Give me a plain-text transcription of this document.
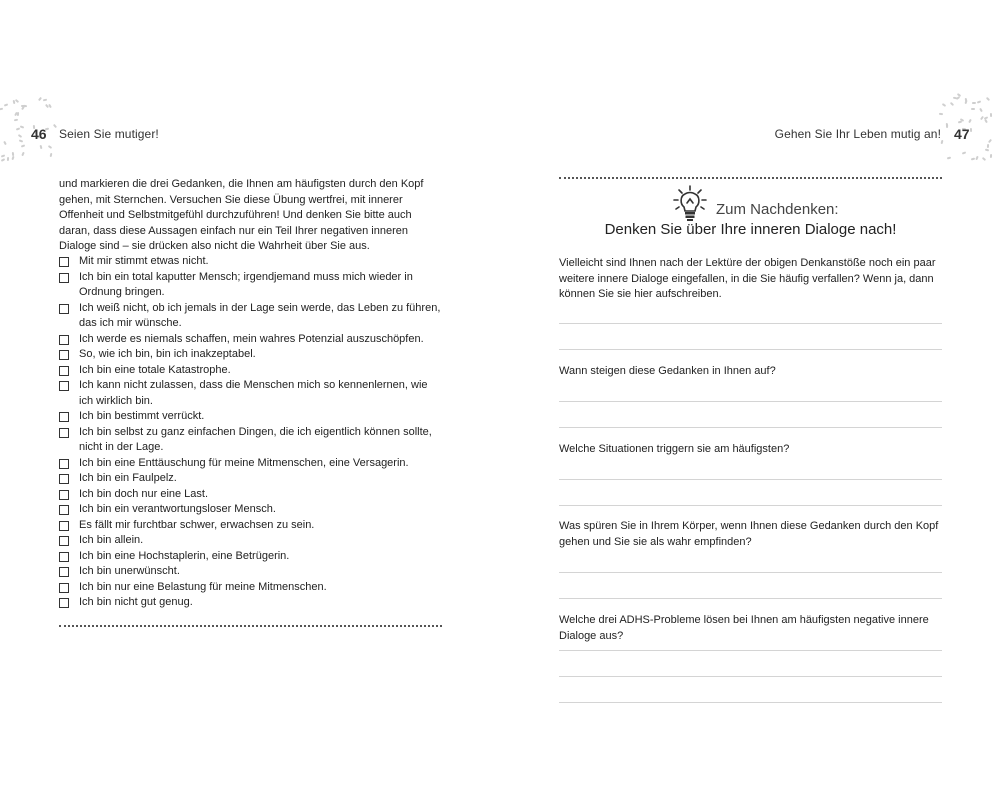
46 Seien Sie mutiger!

und markieren die drei Gedanken, die Ihnen am häufigsten durch den Kopf gehen, mit Sternchen. Versuchen Sie diese Übung wertfrei, mit innerer Offenheit und Selbstmitgefühl durchzuführen! Und denken Sie bitte auch daran, dass diese Aussagen einfach nur ein Teil Ihrer negativen inneren Dialoge sind – sie drücken also nicht die Wahrheit über Sie aus.

Mit mir stimmt etwas nicht.
Ich bin ein total kaputter Mensch; irgendjemand muss mich wieder in Ordnung bringen.
Ich weiß nicht, ob ich jemals in der Lage sein werde, das Leben zu führen, das ich mir wünsche.
Ich werde es niemals schaffen, mein wahres Potenzial auszuschöpfen.
So, wie ich bin, bin ich inakzeptabel.
Ich bin eine totale Katastrophe.
Ich kann nicht zulassen, dass die Menschen mich so kennenlernen, wie ich wirklich bin.
Ich bin bestimmt verrückt.
Ich bin selbst zu ganz einfachen Dingen, die ich eigentlich können sollte, nicht in der Lage.
Ich bin eine Enttäuschung für meine Mitmenschen, eine Versagerin.
Ich bin ein Faulpelz.
Ich bin doch nur eine Last.
Ich bin ein verantwortungsloser Mensch.
Es fällt mir furchtbar schwer, erwachsen zu sein.
Ich bin allein.
Ich bin eine Hochstaplerin, eine Betrügerin.
Ich bin unerwünscht.
Ich bin nur eine Belastung für meine Mitmenschen.
Ich bin nicht gut genug.
Gehen Sie Ihr Leben mutig an! 47
Zum Nachdenken:
Denken Sie über Ihre inneren Dialoge nach!

Vielleicht sind Ihnen nach der Lektüre der obigen Denkanstöße noch ein paar weitere innere Dialoge eingefallen, in die Sie häufig verfallen? Wenn ja, dann können Sie sie hier aufschreiben.

Wann steigen diese Gedanken in Ihnen auf?

Welche Situationen triggern sie am häufigsten?

Was spüren Sie in Ihrem Körper, wenn Ihnen diese Gedanken durch den Kopf gehen und Sie sie als wahr empfinden?

Welche drei ADHS-Probleme lösen bei Ihnen am häufigsten negative innere Dialoge aus?
